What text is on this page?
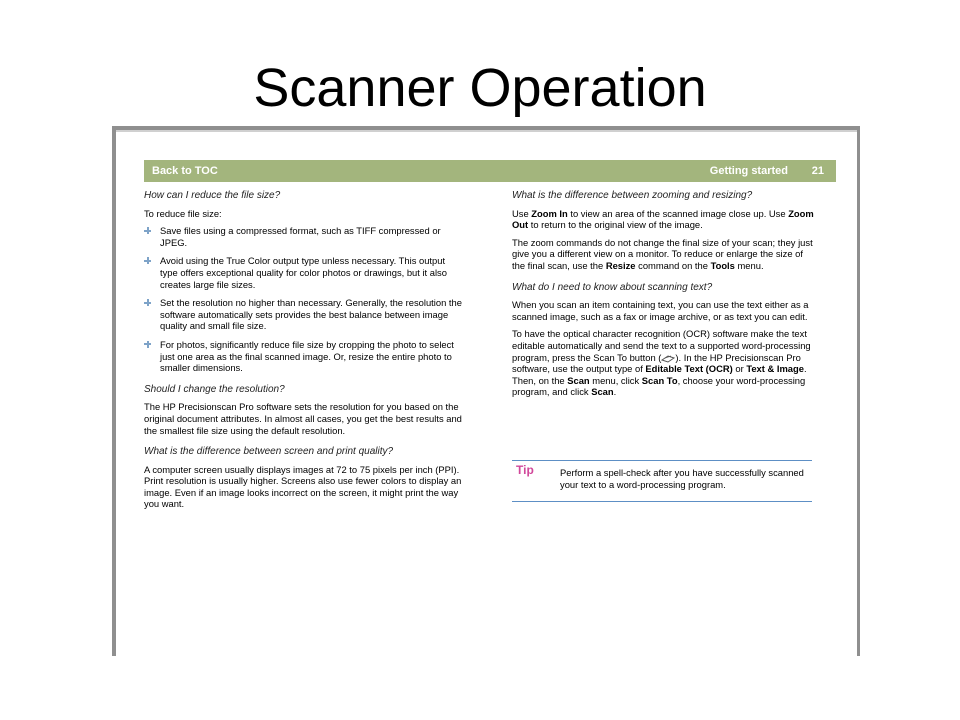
Scanner Operation
Back to TOC	Getting started 21
How can I reduce the file size?

To reduce file size:

Save files using a compressed format, such as TIFF compressed or JPEG.
Avoid using the True Color output type unless necessary. This output type offers exceptional quality for color photos or drawings, but it also creates large file sizes.
Set the resolution no higher than necessary. Generally, the resolution the software automatically sets provides the best balance between image quality and small file size.
For photos, significantly reduce file size by cropping the photo to select just one area as the final scanned image. Or, resize the entire photo to smaller dimensions.
Should I change the resolution?

The HP Precisionscan Pro software sets the resolution for you based on the original document attributes. In almost all cases, you get the best results and the smallest file size using the default resolution.

What is the difference between screen and print quality?

A computer screen usually displays images at 72 to 75 pixels per inch (PPI). Print resolution is usually higher. Screens also use fewer colors to display an image. Even if an image looks incorrect on the screen, it might print the way you want.

What is the difference between zooming and resizing?

Use Zoom In to view an area of the scanned image close up. Use Zoom Out to return to the original view of the image.

The zoom commands do not change the final size of your scan; they just give you a different view on a monitor. To reduce or enlarge the size of the final scan, use the Resize command on the Tools menu.

What do I need to know about scanning text?

When you scan an item containing text, you can use the text either as a scanned image, such as a fax or image archive, or as text you can edit.

To have the optical character recognition (OCR) software make the text editable automatically and send the text to a supported word-processing program, press the Scan To button ( ). In the HP Precisionscan Pro software, use the output type of Editable Text (OCR) or Text & Image. Then, on the Scan menu, click Scan To, choose your word-processing program, and click Scan.

Tip	Perform a spell-check after you have successfully scanned your text to a word-processing program.
